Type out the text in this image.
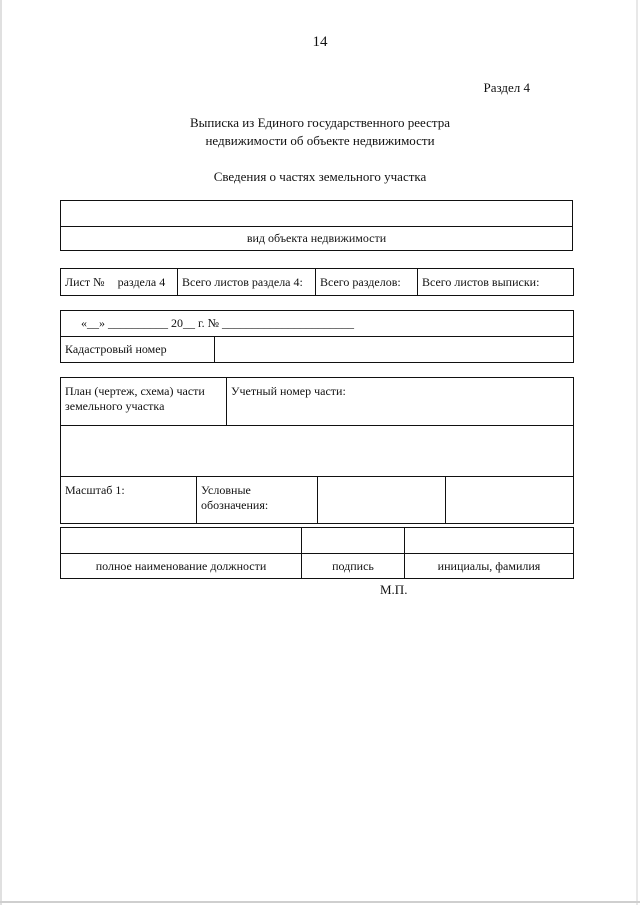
14
Раздел 4
Выписка из Единого государственного реестра
недвижимости об объекте недвижимости
Сведения о частях земельного участка

вид объекта недвижимости
Лист № раздела 4	Всего листов раздела 4:	Всего разделов:	Всего листов выписки:
«__» __________ 20__ г. № ______________________
Кадастровый номер	
План (чертеж, схема) части земельного участка		Учетный номер части:		

Масштаб 1:	Условные обозначения:			

полное наименование должности	подпись	инициалы, фамилия
М.П.
